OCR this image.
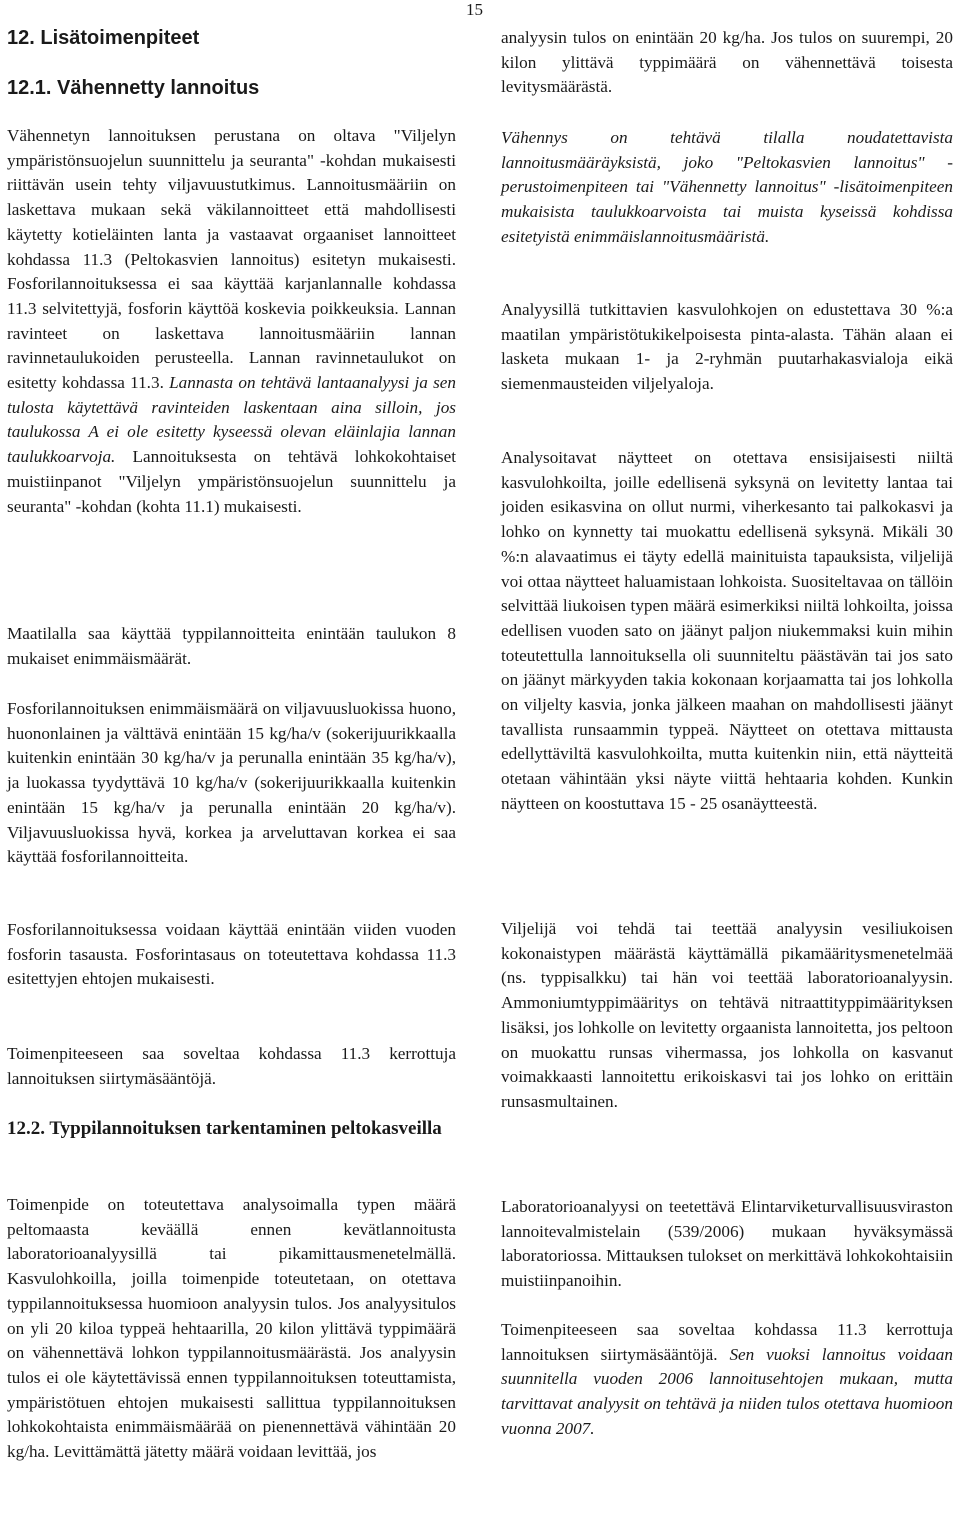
15
12. Lisätoimenpiteet
12.1. Vähennetty lannoitus

Vähennetyn lannoituksen perustana on oltava "Viljelyn ympäristönsuojelun suunnittelu ja seuranta" -kohdan mukaisesti riittävän usein tehty viljavuustutkimus. Lannoitusmääriin on laskettava mukaan sekä väkilannoitteet että mahdollisesti käytetty kotieläinten lanta ja vastaavat orgaaniset lannoitteet kohdassa 11.3 (Peltokasvien lannoitus) esitetyn mukaisesti. Fosforilannoituksessa ei saa käyttää karjanlannalle kohdassa 11.3 selvitettyjä, fosforin käyttöä koskevia poikkeuksia. Lannan ravinteet on laskettava lannoitusmääriin lannan ravinnetaulukoiden perusteella. Lannan ravinnetaulukot on esitetty kohdassa 11.3. Lannasta on tehtävä lantaanalyysi ja sen tulosta käytettävä ravinteiden laskentaan aina silloin, jos taulukossa A ei ole esitetty kyseessä olevan eläinlajia lannan taulukkoarvoja. Lannoituksesta on tehtävä lohkokohtaiset muistiinpanot "Viljelyn ympäristönsuojelun suunnittelu ja seuranta" -kohdan (kohta 11.1) mukaisesti.

Maatilalla saa käyttää typpilannoitteita enintään taulukon 8 mukaiset enimmäismäärät.

Fosforilannoituksen enimmäismäärä on viljavuusluokissa huono, huononlainen ja välttävä enintään 15 kg/ha/v (sokerijuurikkaalla kuitenkin enintään 30 kg/ha/v ja perunalla enintään 35 kg/ha/v), ja luokassa tyydyttävä 10 kg/ha/v (sokerijuurikkaalla kuitenkin enintään 15 kg/ha/v ja perunalla enintään 20 kg/ha/v). Viljavuusluokissa hyvä, korkea ja arveluttavan korkea ei saa käyttää fosforilannoitteita.

Fosforilannoituksessa voidaan käyttää enintään viiden vuoden fosforin tasausta. Fosforintasaus on toteutettava kohdassa 11.3 esitettyjen ehtojen mukaisesti.

Toimenpiteeseen saa soveltaa kohdassa 11.3 kerrottuja lannoituksen siirtymäsääntöjä.

12.2. Typpilannoituksen tarkentaminen peltokasveilla

Toimenpide on toteutettava analysoimalla typen määrä peltomaasta keväällä ennen kevätlannoitusta laboratorioanalyysillä tai pikamittausmenetelmällä. Kasvulohkoilla, joilla toimenpide toteutetaan, on otettava typpilannoituksessa huomioon analyysin tulos. Jos analyysitulos on yli 20 kiloa typpeä hehtaarilla, 20 kilon ylittävä typpimäärä on vähennettävä lohkon typpilannoitusmäärästä. Jos analyysin tulos ei ole käytettävissä ennen typpilannoituksen toteuttamista, ympäristötuen ehtojen mukaisesti sallittua typpilannoituksen lohkokohtaista enimmäismäärää on pienennettävä vähintään 20 kg/ha. Levittämättä jätetty määrä voidaan levittää, jos

analyysin tulos on enintään 20 kg/ha. Jos tulos on suurempi, 20 kilon ylittävä typpimäärä on vähennettävä toisesta levitysmäärästä.

Vähennys on tehtävä tilalla noudatettavista lannoitusmääräyksistä, joko "Peltokasvien lannoitus" -perustoimenpiteen tai "Vähennetty lannoitus" -lisätoimenpiteen mukaisista taulukkoarvoista tai muista kyseissä kohdissa esitetyistä enimmäislannoitusmääristä.

Analyysillä tutkittavien kasvulohkojen on edustettava 30 %:a maatilan ympäristötukikelpoisesta pinta-alasta. Tähän alaan ei lasketa mukaan 1- ja 2-ryhmän puutarhakasvialoja eikä siemenmausteiden viljelyaloja.

Analysoitavat näytteet on otettava ensisijaisesti niiltä kasvulohkoilta, joille edellisenä syksynä on levitetty lantaa tai joiden esikasvina on ollut nurmi, viherkesanto tai palkokasvi ja lohko on kynnetty tai muokattu edellisenä syksynä. Mikäli 30 %:n alavaatimus ei täyty edellä mainituista tapauksista, viljelijä voi ottaa näytteet haluamistaan lohkoista. Suositeltavaa on tällöin selvittää liukoisen typen määrä esimerkiksi niiltä lohkoilta, joissa edellisen vuoden sato on jäänyt paljon niukemmaksi kuin mihin toteutettulla lannoituksella oli suunniteltu päästävän tai jos sato on jäänyt märkyyden takia kokonaan korjaamatta tai jos lohkolla on viljelty kasvia, jonka jälkeen maahan on mahdollisesti jäänyt tavallista runsaammin typpeä. Näytteet on otettava mittausta edellyttäviltä kasvulohkoilta, mutta kuitenkin niin, että näytteitä otetaan vähintään yksi näyte viittä hehtaaria kohden. Kunkin näytteen on koostuttava 15 - 25 osanäytteestä.

Viljelijä voi tehdä tai teettää analyysin vesiliukoisen kokonaistypen määrästä käyttämällä pikamääritysmenetelmää (ns. typpisalkku) tai hän voi teettää laboratorioanalyysin. Ammoniumtyppimääritys on tehtävä nitraattityppimäärityksen lisäksi, jos lohkolle on levitetty orgaanista lannoitetta, jos peltoon on muokattu runsas vihermassa, jos lohkolla on kasvanut voimakkaasti lannoitettu erikoiskasvi tai jos lohko on erittäin runsasmultainen.

Laboratorioanalyysi on teetettävä Elintarviketurvallisuusviraston lannoitevalmistelain (539/2006) mukaan hyväksymässä laboratoriossa. Mittauksen tulokset on merkittävä lohkokohtaisiin muistiinpanoihin.

Toimenpiteeseen saa soveltaa kohdassa 11.3 kerrottuja lannoituksen siirtymäsääntöjä. Sen vuoksi lannoitus voidaan suunnitella vuoden 2006 lannoitusehtojen mukaan, mutta tarvittavat analyysit on tehtävä ja niiden tulos otettava huomioon vuonna 2007.
